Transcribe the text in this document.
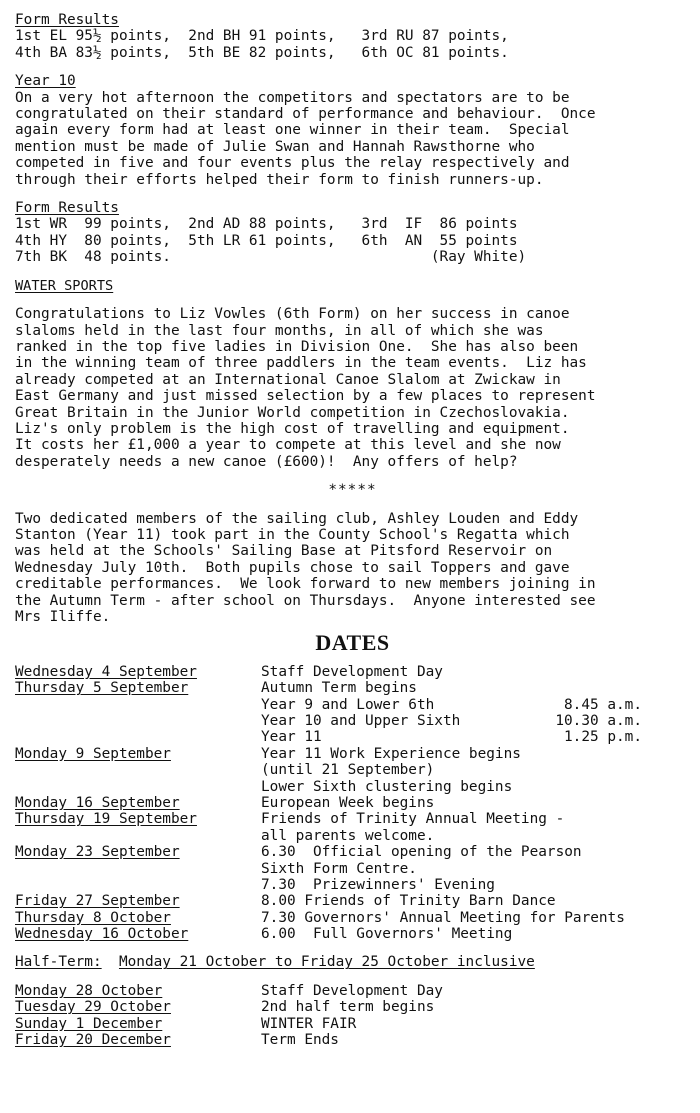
Form Results
1st EL 95½ points,  2nd BH 91 points,   3rd RU 87 points,
4th BA 83½ points,  5th BE 82 points,   6th OC 81 points.
Year 10
On a very hot afternoon the competitors and spectators are to be
congratulated on their standard of performance and behaviour.  Once
again every form had at least one winner in their team.  Special
mention must be made of Julie Swan and Hannah Rawsthorne who
competed in five and four events plus the relay respectively and
through their efforts helped their form to finish runners-up.
Form Results
1st WR  99 points,  2nd AD 88 points,   3rd  IF  86 points
4th HY  80 points,  5th LR 61 points,   6th  AN  55 points
7th BK  48 points.                              (Ray White)
WATER SPORTS
Congratulations to Liz Vowles (6th Form) on her success in canoe
slaloms held in the last four months, in all of which she was
ranked in the top five ladies in Division One.  She has also been
in the winning team of three paddlers in the team events.  Liz has
already competed at an International Canoe Slalom at Zwickaw in
East Germany and just missed selection by a few places to represent
Great Britain in the Junior World competition in Czechoslovakia.
Liz's only problem is the high cost of travelling and equipment.
It costs her £1,000 a year to compete at this level and she now
desperately needs a new canoe (£600)!  Any offers of help?
*****
Two dedicated members of the sailing club, Ashley Louden and Eddy
Stanton (Year 11) took part in the County School's Regatta which
was held at the Schools' Sailing Base at Pitsford Reservoir on
Wednesday July 10th.  Both pupils chose to sail Toppers and gave
creditable performances.  We look forward to new members joining in
the Autumn Term - after school on Thursdays.  Anyone interested see
Mrs Iliffe.
DATES
Wednesday 4 September	Staff Development Day
Thursday 5 September	Autumn Term begins
Year 9 and Lower 6th	8.45 a.m.
Year 10 and Upper Sixth	10.30 a.m.
Year 11	1.25 p.m.
Monday 9 September	Year 11 Work Experience begins
(until 21 September)
Lower Sixth clustering begins
Monday 16 September	European Week begins
Thursday 19 September	Friends of Trinity Annual Meeting -
all parents welcome.
Monday 23 September	6.30  Official opening of the Pearson
Sixth Form Centre.
7.30  Prizewinners' Evening
Friday 27 September	8.00 Friends of Trinity Barn Dance
Thursday 8 October	7.30 Governors' Annual Meeting for Parents
Wednesday 16 October	6.00  Full Governors' Meeting
Half-Term: Monday 21 October to Friday 25 October inclusive
Monday 28 October	Staff Development Day
Tuesday 29 October	2nd half term begins
Sunday 1 December	WINTER FAIR
Friday 20 December	Term Ends
